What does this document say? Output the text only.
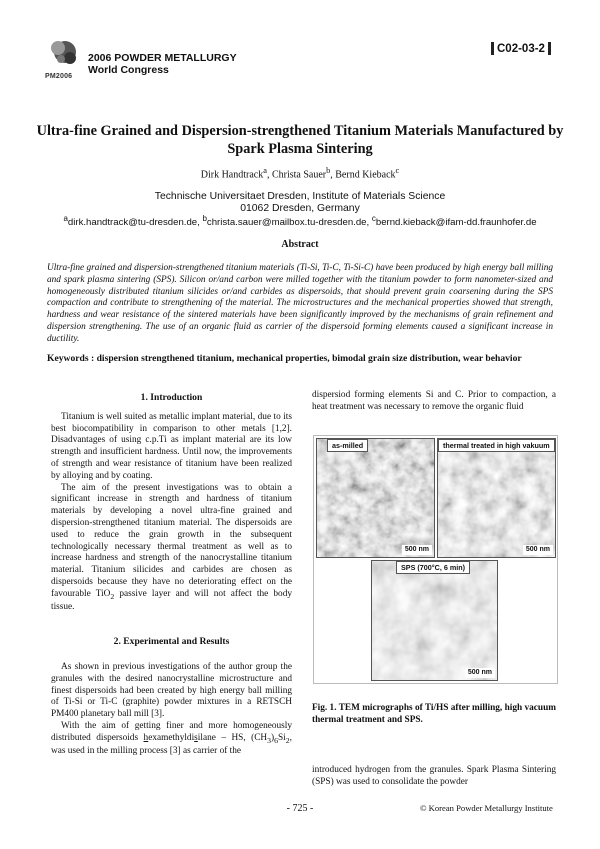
PM2006
2006 POWDER METALLURGY
World Congress
C02-03-2
Ultra-fine Grained and Dispersion-strengthened Titanium Materials Manufactured by Spark Plasma Sintering
Dirk Handtrack$^a$, Christa Sauer$^b$, Bernd Kieback$^c$
Technische Universitaet Dresden, Institute of Materials Science
01062 Dresden, Germany
$^a$dirk.handtrack@tu-dresden.de, $^b$christa.sauer@mailbox.tu-dresden.de, $^c$bernd.kieback@ifam-dd.fraunhofer.de
Abstract
Ultra-fine grained and dispersion-strengthened titanium materials (Ti-Si, Ti-C, Ti-Si-C) have been produced by high energy ball milling and spark plasma sintering (SPS). Silicon or/and carbon were milled together with the titanium powder to form nanometer-sized and homogeneously distributed titanium silicides or/and carbides as dispersoids, that should prevent grain coarsening during the SPS compaction and contribute to strengthening of the material. The microstructures and the mechanical properties showed that strength, hardness and wear resistance of the sintered materials have been significantly improved by the mechanisms of grain refinement and dispersion strengthening. The use of an organic fluid as carrier of the dispersoid forming elements caused a significant increase in ductility.
Keywords : dispersion strengthened titanium, mechanical properties, bimodal grain size distribution, wear behavior
1. Introduction

Titanium is well suited as metallic implant material, due to its best biocompatibility in comparison to other metals [1,2]. Disadvantages of using c.p.Ti as implant material are its low strength and insufficient hardness. Until now, the improvements of strength and wear resistance of titanium have been realized by alloying and by coating.

The aim of the present investigations was to obtain a significant increase in strength and hardness of titanium materials by developing a novel ultra-fine grained and dispersion-strengthened titanium material. The dispersoids are used to reduce the grain growth in the subsequent technologically necessary thermal treatment as well as to increase hardness and strength of the nanocrystalline titanium material. Titanium silicides and carbides are chosen as dispersoids because they have no deteriorating effect on the favourable TiO$_2$ passive layer and will not affect the body tissue.

2. Experimental and Results

As shown in previous investigations of the author group the granules with the desired nanocrystalline microstructure and finest dispersoids had been created by high energy ball milling of Ti-Si or Ti-C (graphite) powder mixtures in a RETSCH PM400 planetary ball mill [3].

With the aim of getting finer and more homogeneously distributed dispersoids hexamethyldisilane – HS, $(CH_3)_6Si_2$, was used in the milling process [3] as carrier of the

dispersiod forming elements Si and C. Prior to compaction, a heat treatment was necessary to remove the organic fluid

as-milled
500 nm
thermal treated in high vakuum
500 nm
SPS (700°C, 6 min)
500 nm
Fig. 1. TEM micrographs of Ti/HS after milling, high vacuum thermal treatment and SPS.

introduced hydrogen from the granules. Spark Plasma Sintering (SPS) was used to consolidate the powder

- 725 -	© Korean Powder Metallurgy Institute
